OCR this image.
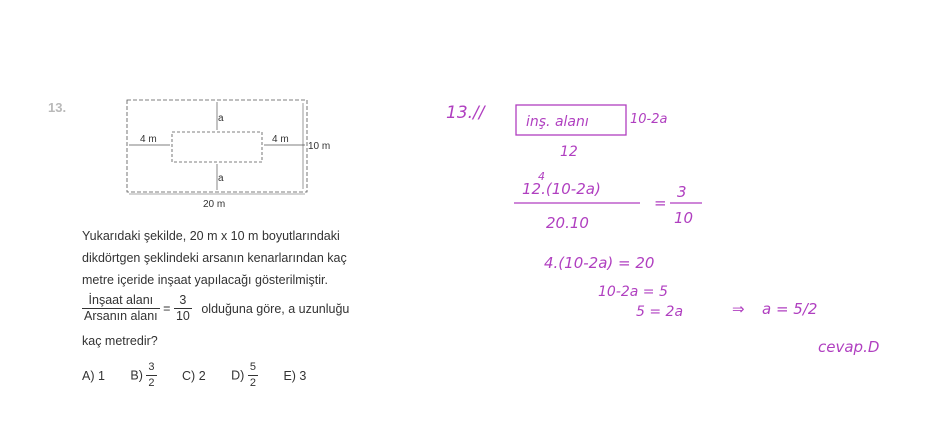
13.
a
a
4 m	4 m
10 m
20 m
Yukarıdaki şekilde, 20 m x 10 m boyutlarındaki
dikdörtgen şeklindeki arsanın kenarlarından kaç
metre içeride inşaat yapılacağı gösterilmiştir.
$\frac{\text{İnşaat alanı}}{\text{Arsanın alanı}} = \frac{3}{10}$ olduğuna göre, a uzunluğu
kaç metredir?
A) 1 $B) \frac{3}{2} C$) 2 $D) \frac{5}{2} E$) 3
13.//	inş. alanı	10-2a
12
4
12.(10-2a)
20.10
=
3
10
4.(10-2a) = 20
10-2a = 5
5 = 2a	⇒ a = 5/2
cevap.D
